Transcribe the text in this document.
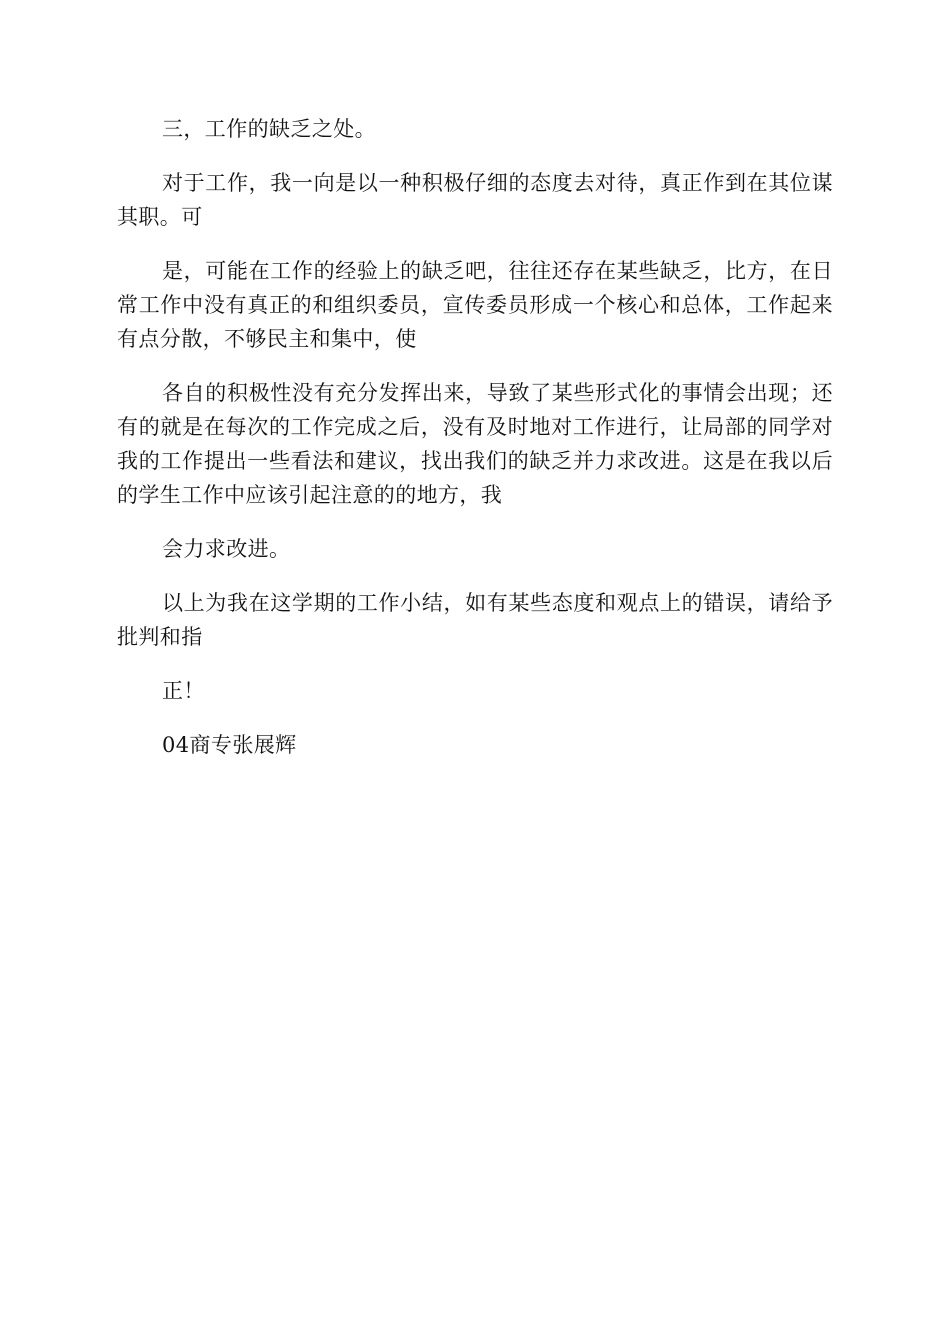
三，工作的缺乏之处。

对于工作，我一向是以一种积极仔细的态度去对待，真正作到在其位谋其职。可

是，可能在工作的经验上的缺乏吧，往往还存在某些缺乏，比方，在日常工作中没有真正的和组织委员，宣传委员形成一个核心和总体，工作起来有点分散，不够民主和集中，使

各自的积极性没有充分发挥出来，导致了某些形式化的事情会出现；还有的就是在每次的工作完成之后，没有及时地对工作进行，让局部的同学对我的工作提出一些看法和建议，找出我们的缺乏并力求改进。这是在我以后的学生工作中应该引起注意的的地方，我

会力求改进。

以上为我在这学期的工作小结，如有某些态度和观点上的错误，请给予批判和指

正！

04商专张展辉
